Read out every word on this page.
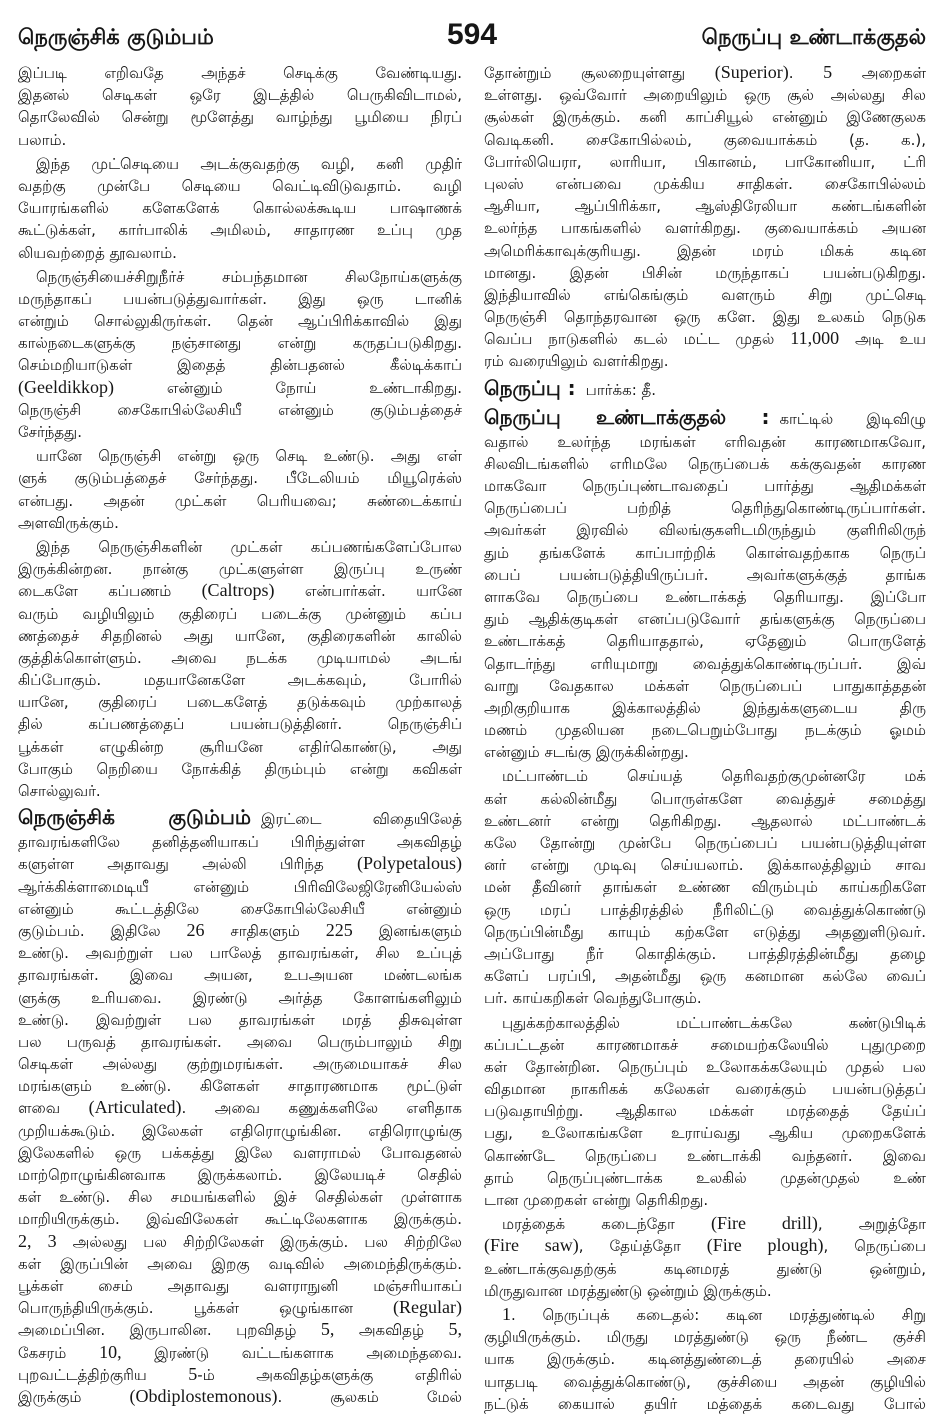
நெருஞ்சிக் குடும்பம்	594	நெருப்பு உண்டாக்குதல்
இப்படி எறிவதே அந்தச் செடிக்கு வேண்டியது.
இதனல் செடிகள் ஒரே இடத்தில் பெருகிவிடாமல்,
தொலேவில் சென்று மூளேத்து வாழ்ந்து பூமியை நிரப்
பலாம்.
இந்த முட்செடியை அடக்குவதற்கு வழி, கனி முதிர்
வதற்கு முன்பே செடியை வெட்டிவிடுவதாம். வழி
யோரங்களில் களேகளேக் கொல்லக்கூடிய பாஷாணக்
கூட்டுக்கள், கார்பாலிக் அமிலம், சாதாரண உப்பு முத
லியவற்றைத் தூவலாம்.
நெருஞ்சியைச்சிறுநீர்ச் சம்பந்தமான சிலநோய்களுக்கு
மருந்தாகப் பயன்படுத்துவார்கள். இது ஒரு டானிக்
என்றும் சொல்லுகிருர்கள். தென் ஆப்பிரிக்காவில் இது
கால்நடைகளுக்கு நஞ்சானது என்று கருதப்படுகிறது.
செம்மறியாடுகள் இதைத் தின்பதனல் கீல்டிக்காப்
(Geeldikkop) என்னும் நோய் உண்டாகிறது.
நெருஞ்சி சைகோபில்லேசியீ என்னும் குடும்பத்தைச்
சேர்ந்தது.
யானே நெருஞ்சி என்று ஒரு செடி உண்டு. அது எள்
ளுக் குடும்பத்தைச் சேர்ந்தது. பீடேலியம் மியூரெக்ஸ்
என்பது. அதன் முட்கள் பெரியவை; சுண்டைக்காய்
அளவிருக்கும்.
இந்த நெருஞ்சிகளின் முட்கள் கப்பணங்களேப்போல
இருக்கின்றன. நான்கு முட்களுள்ள இருப்பு உருண்
டைகளே கப்பணம் (Caltrops) என்பார்கள். யானே
வரும் வழியிலும் குதிரைப் படைக்கு முன்னும் கப்ப
ணத்தைச் சிதறினல் அது யானே, குதிரைகளின் காலில்
குத்திக்கொள்ளும். அவை நடக்க முடியாமல் அடங்
கிப்போகும். மதயானேகளே அடக்கவும், போரில்
யானே, குதிரைப் படைகளேத் தடுக்கவும் முற்காலத்
தில் கப்பணத்தைப் பயன்படுத்தினர். நெருஞ்சிப்
பூக்கள் எழுகின்ற சூரியனே எதிர்கொண்டு, அது
போகும் நெறியை நோக்கித் திரும்பும் என்று கவிகள்
சொல்லுவர்.
நெருஞ்சிக் குடும்பம் இரட்டை விதையிலேத்
தாவரங்களிலே தனித்தனியாகப் பிரிந்துள்ள அகவிதழ்
களுள்ள அதாவது அல்லி பிரிந்த (Polypetalous)
ஆர்க்கிக்ளாமைடியீ என்னும் பிரிவிலேஜிரேனியேல்ஸ்
என்னும் கூட்டத்திலே சைகோபில்லேசியீ என்னும்
குடும்பம். இதிலே 26 சாதிகளும் 225 இனங்களும்
உண்டு. அவற்றுள் பல பாலேத் தாவரங்கள், சில உப்புத்
தாவரங்கள். இவை அயன, உபஅயன மண்டலங்க
ளுக்கு உரியவை. இரண்டு அர்த்த கோளங்களிலும்
உண்டு. இவற்றுள் பல தாவரங்கள் மரத் திசுவுள்ள
பல பருவத் தாவரங்கள். அவை பெரும்பாலும் சிறு
செடிகள் அல்லது குற்றுமரங்கள். அருமையாகச் சில
மரங்களும் உண்டு. கிளேகள் சாதாரணமாக மூட்டுள்
ளவை (Articulated). அவை கணுக்களிலே எளிதாக
முறியக்கூடும். இலேகள் எதிரொழுங்கின. எதிரொழுங்கு
இலேகளில் ஒரு பக்கத்து இலே வளராமல் போவதனல்
மாற்றொழுங்கினவாக இருக்கலாம். இலேயடிச் செதில்
கள் உண்டு. சில சமயங்களில் இச் செதில்கள் முள்ளாக
மாறியிருக்கும். இவ்விலேகள் கூட்டிலேகளாக இருக்கும்.
2, 3 அல்லது பல சிற்றிலேகள் இருக்கும். பல சிற்றிலே
கள் இருப்பின் அவை இறகு வடிவில் அமைந்திருக்கும்.
பூக்கள் சைம் அதாவது வளராநுனி மஞ்சரியாகப்
பொருந்தியிருக்கும். பூக்கள் ஒழுங்கான (Regular)
அமைப்பின. இருபாலின. புறவிதழ் 5, அகவிதழ் 5,
கேசரம் 10, இரண்டு வட்டங்களாக அமைந்தவை.
புறவட்டத்திற்குரிய 5-ம் அகவிதழ்களுக்கு எதிரில்
இருக்கும் (Obdiplostemonous). சூலகம் மேல்
தோன்றும் சூலறையுள்ளது (Superior). 5 அறைகள்
உள்ளது. ஒவ்வோர் அறையிலும் ஒரு சூல் அல்லது சில
சூல்கள் இருக்கும். கனி காப்சியூல் என்னும் இணேகுலக
வெடிகனி. சைகோபில்லம், குவையாக்கம் (த. க.),
போர்லியெரா, லாரியா, பிகானம், பாகோனியா, ட்ரி
புலஸ் என்பவை முக்கிய சாதிகள். சைகோபில்லம்
ஆசியா, ஆப்பிரிக்கா, ஆஸ்திரேலியா கண்டங்களின்
உலர்ந்த பாகங்களில் வளர்கிறது. குவையாக்கம் அயன
அமெரிக்காவுக்குரியது. இதன் மரம் மிகக் கடின
மானது. இதன் பிசின் மருந்தாகப் பயன்படுகிறது.
இந்தியாவில் எங்கெங்கும் வளரும் சிறு முட்செடி
நெருஞ்சி தொந்தரவான ஒரு களே. இது உலகம் நெடுக
வெப்ப நாடுகளில் கடல் மட்ட முதல் 11,000 அடி உய
ரம் வரையிலும் வளர்கிறது.
நெருப்பு : பார்க்க: தீ.
நெருப்பு உண்டாக்குதல் : காட்டில் இடிவிழு
வதால் உலர்ந்த மரங்கள் எரிவதன் காரணமாகவோ,
சிலவிடங்களில் எரிமலே நெருப்பைக் கக்குவதன் காரண
மாகவோ நெருப்புண்டாவதைப் பார்த்து ஆதிமக்கள்
நெருப்பைப் பற்றித் தெரிந்துகொண்டிருப்பார்கள்.
அவர்கள் இரவில் விலங்குகளிடமிருந்தும் குளிரிலிருந்
தும் தங்களேக் காப்பாற்றிக் கொள்வதற்காக நெருப்
பைப் பயன்படுத்தியிருப்பர். அவர்களுக்குத் தாங்க
ளாகவே நெருப்பை உண்டாக்கத் தெரியாது. இப்போ
தும் ஆதிக்குடிகள் எனப்படுவோர் தங்களுக்கு நெருப்பை
உண்டாக்கத் தெரியாததால், ஏதேனும் பொருளேத்
தொடர்ந்து எரியுமாறு வைத்துக்கொண்டிருப்பர். இவ்
வாறு வேதகால மக்கள் நெருப்பைப் பாதுகாத்ததன்
அறிகுறியாக இக்காலத்தில் இந்துக்களுடைய திரு
மணம் முதலியன நடைபெறும்போது நடக்கும் ஓமம்
என்னும் சடங்கு இருக்கின்றது.
மட்பாண்டம் செய்யத் தெரிவதற்குமுன்னரே மக்
கள் கல்லின்மீது பொருள்களே வைத்துச் சமைத்து
உண்டனர் என்று தெரிகிறது. ஆதலால் மட்பாண்டக்
கலே தோன்று முன்பே நெருப்பைப் பயன்படுத்தியுள்ள
னர் என்று முடிவு செய்யலாம். இக்காலத்திலும் சாவ
மன் தீவினர் தாங்கள் உண்ண விரும்பும் காய்கறிகளே
ஒரு மரப் பாத்திரத்தில் நீரிலிட்டு வைத்துக்கொண்டு
நெருப்பின்மீது காயும் கற்களே எடுத்து அதனுளிடுவர்.
அப்போது நீர் கொதிக்கும். பாத்திரத்தின்மீது தழை
களேப் பரப்பி, அதன்மீது ஒரு கனமான கல்லே வைப்
பர். காய்கறிகள் வெந்துபோகும்.
புதுக்கற்காலத்தில் மட்பாண்டக்கலே கண்டுபிடிக்
கப்பட்டதன் காரணமாகச் சமையற்கலேயில் புதுமுறை
கள் தோன்றின. நெருப்பும் உலோகக்கலேயும் முதல் பல
விதமான நாகரிகக் கலேகள் வரைக்கும் பயன்படுத்தப்
படுவதாயிற்று. ஆதிகால மக்கள் மரத்தைத் தேய்ப்
பது, உலோகங்களே உராய்வது ஆகிய முறைகளேக்
கொண்டே நெருப்பை உண்டாக்கி வந்தனர். இவை
தாம் நெருப்புண்டாக்க உலகில் முதன்முதல் உண்
டான முறைகள் என்று தெரிகிறது.
மரத்தைக் கடைந்தோ (Fire drill), அறுத்தோ
(Fire saw), தேய்த்தோ (Fire plough), நெருப்பை
உண்டாக்குவதற்குக் கடினமரத் துண்டு ஒன்றும்,
மிருதுவான மரத்துண்டு ஒன்றும் இருக்கும்.
1. நெருப்புக் கடைதல்: கடின மரத்துண்டில் சிறு
குழியிருக்கும். மிருது மரத்துண்டு ஒரு நீண்ட குச்சி
யாக இருக்கும். கடினத்துண்டைத் தரையில் அசை
யாதபடி வைத்துக்கொண்டு, குச்சியை அதன் குழியில்
நட்டுக் கையால் தயிர் மத்தைக் கடைவது போல்
